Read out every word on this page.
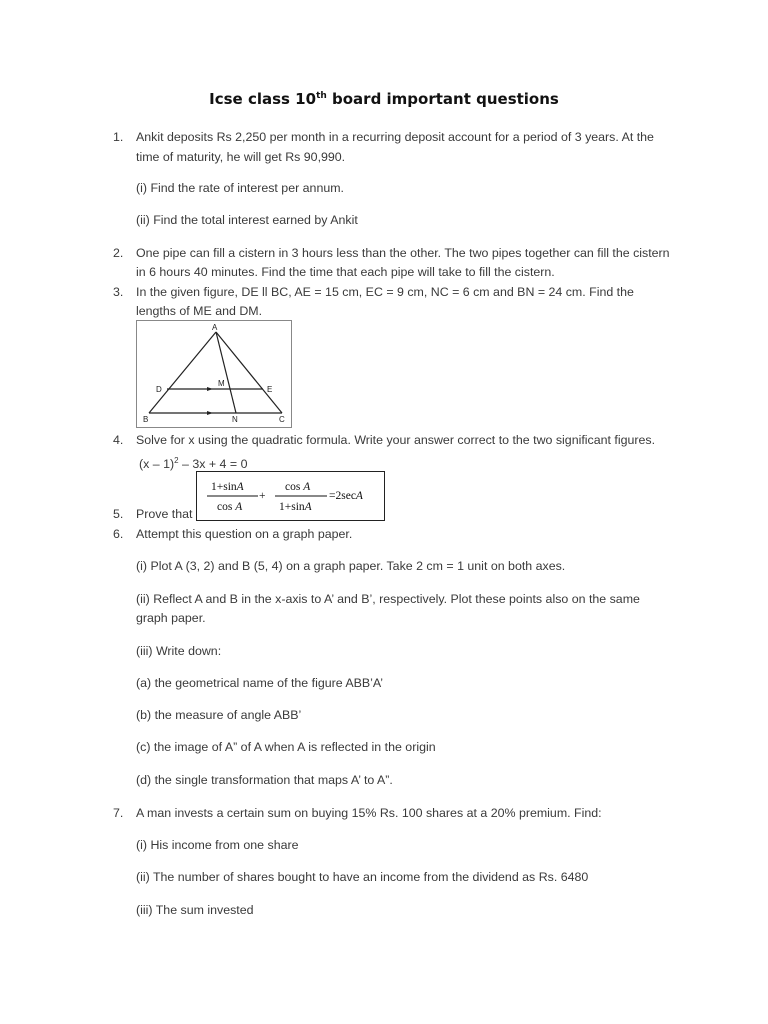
Icse class 10th board important questions
1. Ankit deposits Rs 2,250 per month in a recurring deposit account for a period of 3 years. At the
time of maturity, he will get Rs 90,990.
(i) Find the rate of interest per annum.
(ii) Find the total interest earned by Ankit
2. One pipe can fill a cistern in 3 hours less than the other. The two pipes together can fill the cistern
in 6 hours 40 minutes. Find the time that each pipe will take to fill the cistern.
3. In the given figure, DE ll BC, AE = 15 cm, EC = 9 cm, NC = 6 cm and BN = 24 cm. Find the
lengths of ME and DM.
A
M
D	E
B	N	C
4. Solve for x using the quadratic formula. Write your answer correct to the two significant figures.
(x – 1)$^2$ – 3x + 4 = 0
1+sinA
cos A
+
cos A
1+sinA
=2secA
5. Prove that
6. Attempt this question on a graph paper.
(i) Plot A (3, 2) and B (5, 4) on a graph paper. Take 2 cm = 1 unit on both axes.
(ii) Reflect A and B in the x-axis to A’ and B’, respectively. Plot these points also on the same
graph paper.
(iii) Write down:
(a) the geometrical name of the figure ABB’A’
(b) the measure of angle ABB’
(c) the image of A” of A when A is reflected in the origin
(d) the single transformation that maps A’ to A”.
7. A man invests a certain sum on buying 15% Rs. 100 shares at a 20% premium. Find:
(i) His income from one share
(ii) The number of shares bought to have an income from the dividend as Rs. 6480
(iii) The sum invested
